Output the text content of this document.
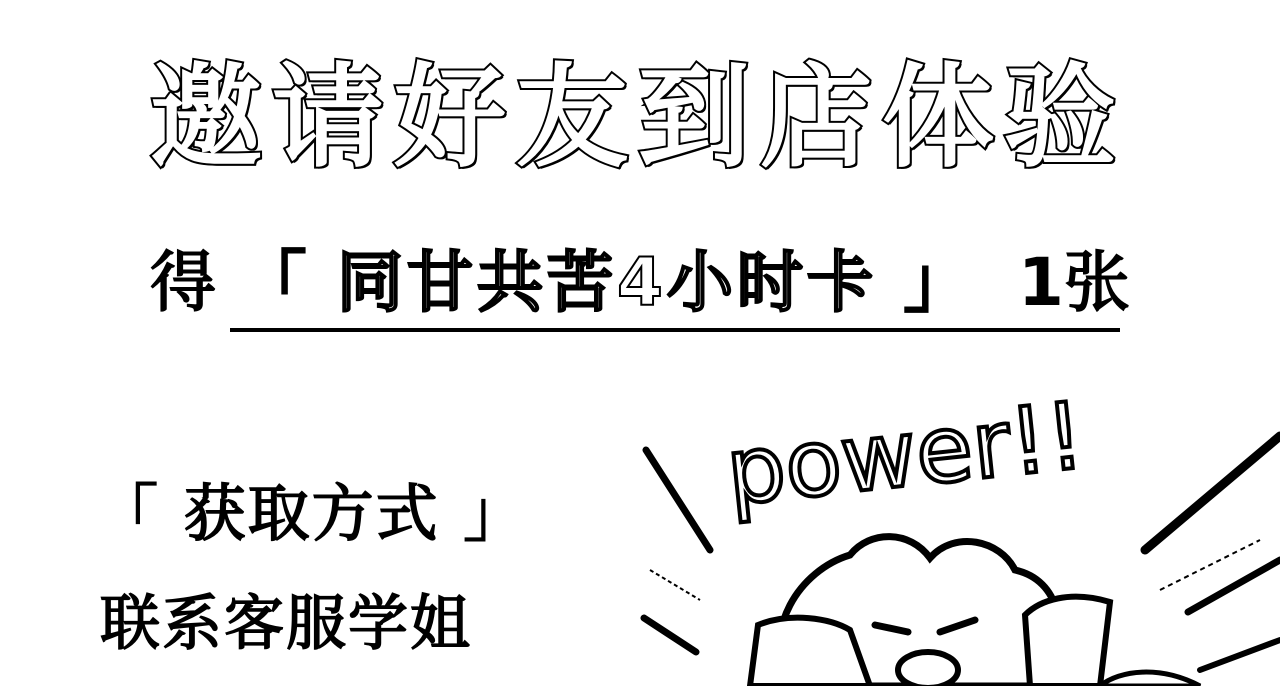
邀请好友到店体验
得 「 同甘共苦4小时卡 」 1张
「 获取方式 」
联系客服学姐
power!!
